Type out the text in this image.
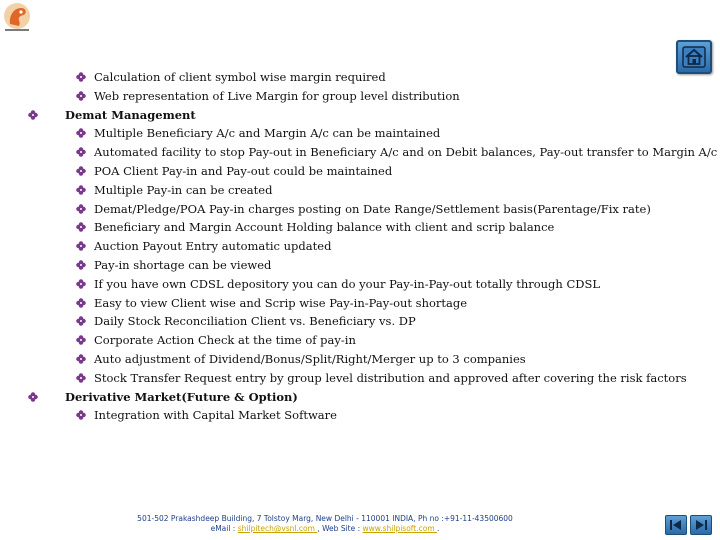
Calculation of client symbol wise margin required
Web representation of Live Margin for group level distribution
Demat Management
Multiple Beneficiary A/c and Margin A/c can be maintained
Automated facility to stop Pay-out in Beneficiary A/c and on Debit balances, Pay-out transfer to Margin A/c
POA Client Pay-in and Pay-out could be maintained
Multiple Pay-in can be created
Demat/Pledge/POA Pay-in charges posting on Date Range/Settlement basis(Parentage/Fix rate)
Beneficiary and Margin Account Holding balance with client and scrip balance
Auction Payout Entry automatic updated
Pay-in shortage can be viewed
If you have own CDSL depository you can do your Pay-in-Pay-out totally through CDSL
Easy to view Client wise and Scrip wise Pay-in-Pay-out shortage
Daily Stock Reconciliation Client vs. Beneficiary vs. DP
Corporate Action Check at the time of pay-in
Auto adjustment of Dividend/Bonus/Split/Right/Merger up to 3 companies
Stock Transfer Request entry by group level distribution and approved after covering the risk factors
Derivative Market(Future & Option)
Integration with Capital Market Software
501-502 Prakashdeep Building, 7 Tolstoy Marg, New Delhi - 110001 INDIA, Ph no :+91-11-43500600
eMail : shilpitech@vsnl.com , Web Site : www.shilpisoft.com .
